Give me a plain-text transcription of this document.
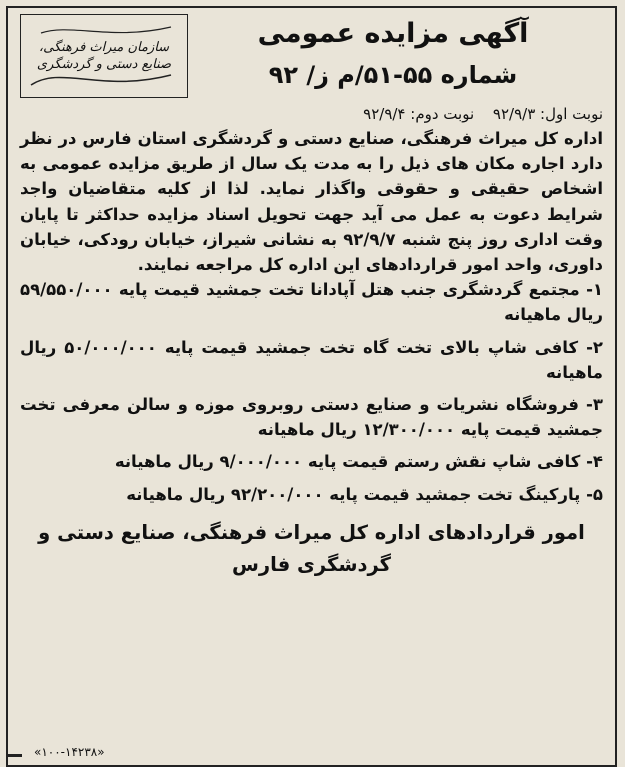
آگهی مزایده عمومی
شماره ۵۵-۵۱/م ز/ ۹۲
سازمان میراث فرهنگی، صنایع دستی و گردشگری
نوبت اول: ۹۲/۹/۳ نوبت دوم: ۹۲/۹/۴
اداره کل میراث فرهنگی، صنایع دستی و گردشگری استان فارس در نظر دارد اجاره مکان های ذیل را به مدت یک سال از طریق مزایده عمومی به اشخاص حقیقی و حقوقی واگذار نماید. لذا از کلیه متقاضیان واجد شرایط دعوت به عمل می آید جهت تحویل اسناد مزایده حداکثر تا پایان وقت اداری روز پنج شنبه ۹۲/۹/۷ به نشانی شیراز، خیابان رودکی، خیابان داوری، واحد امور قراردادهای این اداره کل مراجعه نمایند.
۱- مجتمع گردشگری جنب هتل آپادانا تخت جمشید قیمت پایه ۵۹/۵۵۰/۰۰۰ ریال ماهیانه
۲- کافی شاپ بالای تخت گاه تخت جمشید قیمت پایه ۵۰/۰۰۰/۰۰۰ ریال ماهیانه
۳- فروشگاه نشریات و صنایع دستی روبروی موزه و سالن معرفی تخت جمشید قیمت پایه ۱۲/۳۰۰/۰۰۰ ریال ماهیانه
۴- کافی شاپ نقش رستم قیمت پایه ۹/۰۰۰/۰۰۰ ریال ماهیانه
۵- پارکینگ تخت جمشید قیمت پایه ۹۲/۲۰۰/۰۰۰ ریال ماهیانه
امور قراردادهای اداره کل میراث فرهنگی، صنایع دستی و گردشگری فارس
«۱۰۰-۱۴۲۳۸»
